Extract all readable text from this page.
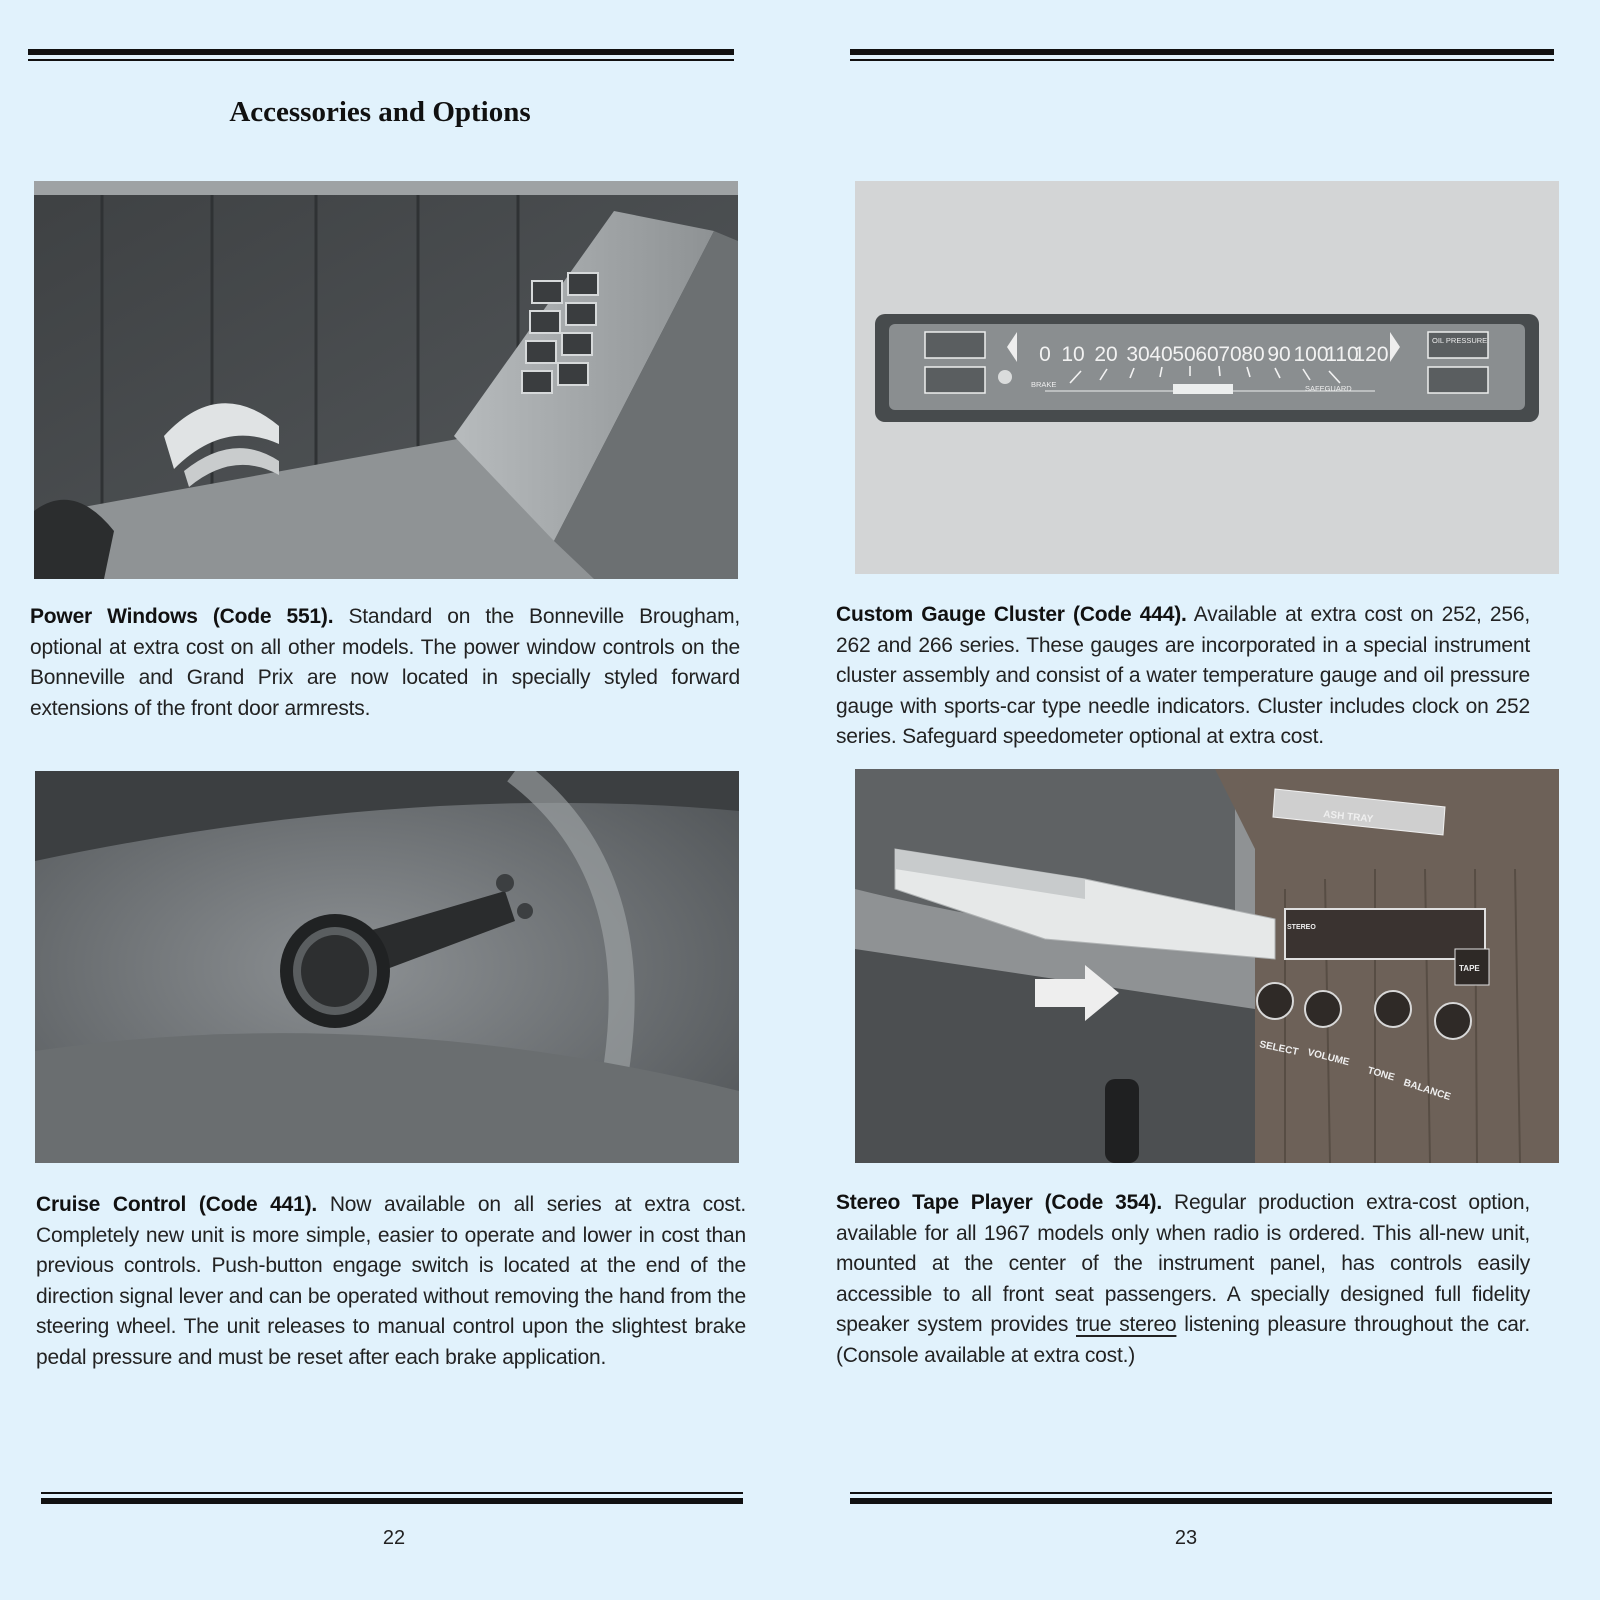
Accessories and Options

Power Windows (Code 551). Standard on the Bonneville Brougham, optional at extra cost on all other models. The power window controls on the Bonneville and Grand Prix are now located in specially styled forward extensions of the front door armrests.

Cruise Control (Code 441). Now available on all series at extra cost. Completely new unit is more simple, easier to operate and lower in cost than previous controls. Push-button engage switch is located at the end of the direction signal lever and can be operated without removing the hand from the steering wheel. The unit releases to manual control upon the slightest brake pedal pressure and must be reset after each brake application.

22
0 10 20 30 40 50 60 70 80 90 100
110
120
BRAKE	SAFEGUARD
OIL PRESSURE

Custom Gauge Cluster (Code 444). Available at extra cost on 252, 256, 262 and 266 series. These gauges are incorporated in a special instrument cluster assembly and consist of a water temperature gauge and oil pressure gauge with sports-car type needle indicators. Cluster includes clock on 252 series. Safeguard speedometer optional at extra cost.

ASH TRAY
STEREO
TAPE
SELECT VOLUME
TONE
BALANCE

Stereo Tape Player (Code 354). Regular production extra-cost option, available for all 1967 models only when radio is ordered. This all-new unit, mounted at the center of the instrument panel, has controls easily accessible to all front seat passengers. A specially designed full fidelity speaker system provides true stereo listening pleasure throughout the car. (Console available at extra cost.)

23
